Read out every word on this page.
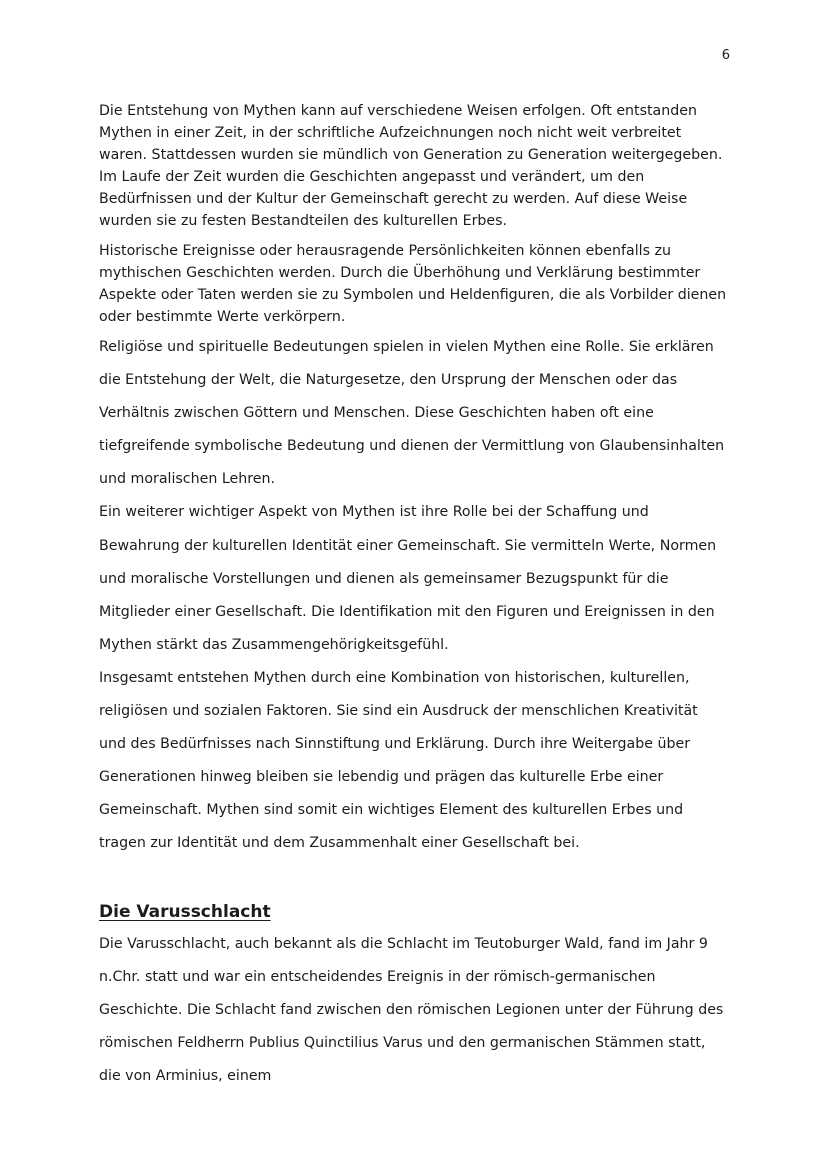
6

Die Entstehung von Mythen kann auf verschiedene Weisen erfolgen. Oft entstanden Mythen in einer Zeit, in der schriftliche Aufzeichnungen noch nicht weit verbreitet waren. Stattdessen wurden sie mündlich von Generation zu Generation weitergegeben. Im Laufe der Zeit wurden die Geschichten angepasst und verändert, um den Bedürfnissen und der Kultur der Gemeinschaft gerecht zu werden. Auf diese Weise wurden sie zu festen Bestandteilen des kulturellen Erbes.

Historische Ereignisse oder herausragende Persönlichkeiten können ebenfalls zu mythischen Geschichten werden. Durch die Überhöhung und Verklärung bestimmter Aspekte oder Taten werden sie zu Symbolen und Heldenfiguren, die als Vorbilder dienen oder bestimmte Werte verkörpern.

Religiöse und spirituelle Bedeutungen spielen in vielen Mythen eine Rolle. Sie erklären die Entstehung der Welt, die Naturgesetze, den Ursprung der Menschen oder das Verhältnis zwischen Göttern und Menschen. Diese Geschichten haben oft eine tiefgreifende symbolische Bedeutung und dienen der Vermittlung von Glaubensinhalten und moralischen Lehren.

Ein weiterer wichtiger Aspekt von Mythen ist ihre Rolle bei der Schaffung und Bewahrung der kulturellen Identität einer Gemeinschaft. Sie vermitteln Werte, Normen und moralische Vorstellungen und dienen als gemeinsamer Bezugspunkt für die Mitglieder einer Gesellschaft. Die Identifikation mit den Figuren und Ereignissen in den Mythen stärkt das Zusammengehörigkeitsgefühl.

Insgesamt entstehen Mythen durch eine Kombination von historischen, kulturellen, religiösen und sozialen Faktoren. Sie sind ein Ausdruck der menschlichen Kreativität und des Bedürfnisses nach Sinnstiftung und Erklärung. Durch ihre Weitergabe über Generationen hinweg bleiben sie lebendig und prägen das kulturelle Erbe einer Gemeinschaft. Mythen sind somit ein wichtiges Element des kulturellen Erbes und tragen zur Identität und dem Zusammenhalt einer Gesellschaft bei.

Die Varusschlacht

Die Varusschlacht, auch bekannt als die Schlacht im Teutoburger Wald, fand im Jahr 9 n.Chr. statt und war ein entscheidendes Ereignis in der römisch-germanischen Geschichte. Die Schlacht fand zwischen den römischen Legionen unter der Führung des römischen Feldherrn Publius Quinctilius Varus und den germanischen Stämmen statt, die von Arminius, einem
